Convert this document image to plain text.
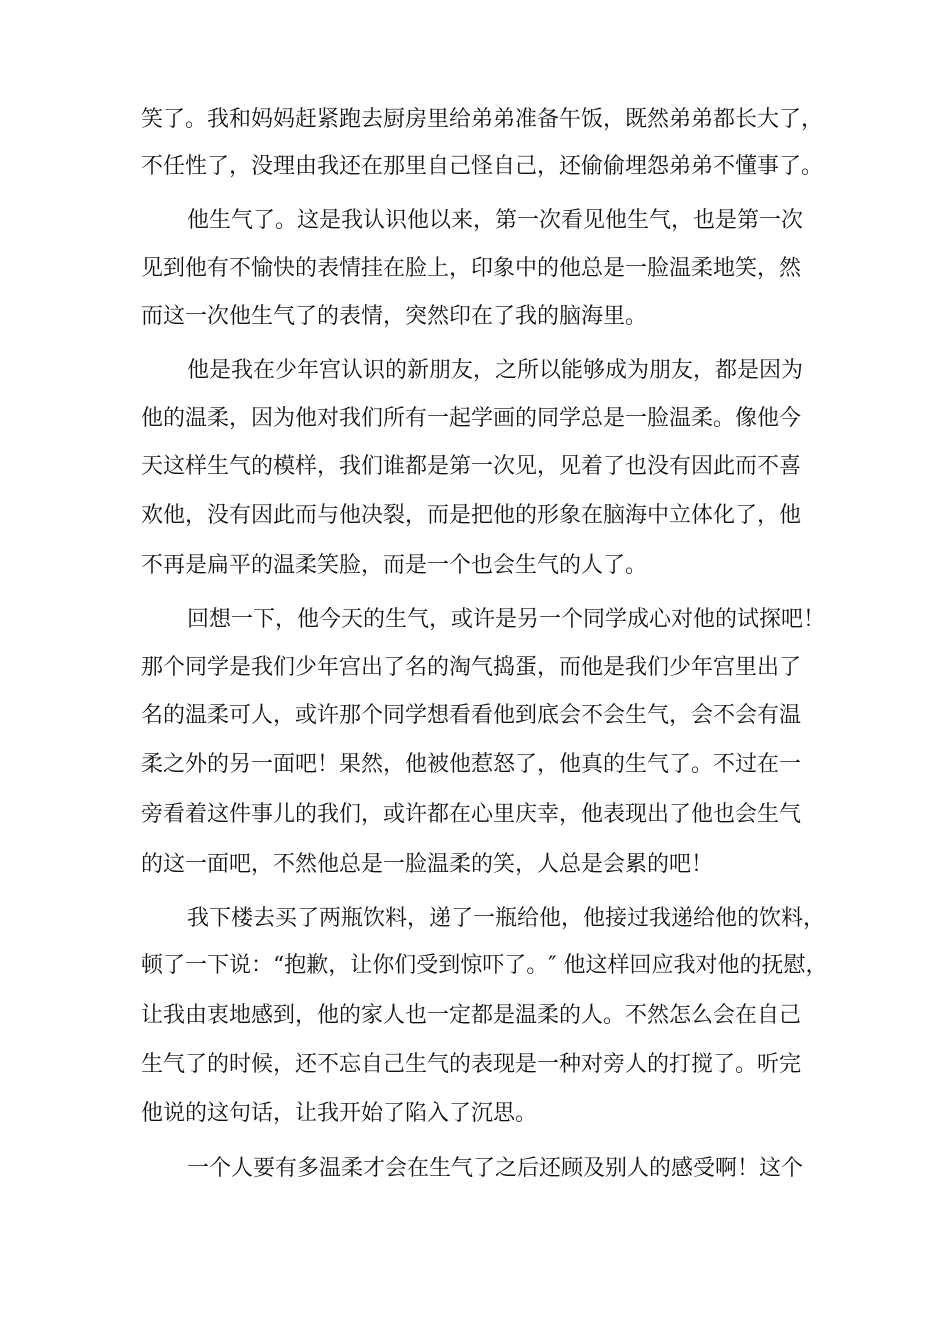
笑了。我和妈妈赶紧跑去厨房里给弟弟准备午饭，既然弟弟都长大了，
不任性了，没理由我还在那里自己怪自己，还偷偷埋怨弟弟不懂事了。
他生气了。这是我认识他以来，第一次看见他生气，也是第一次
见到他有不愉快的表情挂在脸上，印象中的他总是一脸温柔地笑，然
而这一次他生气了的表情，突然印在了我的脑海里。
他是我在少年宫认识的新朋友，之所以能够成为朋友，都是因为
他的温柔，因为他对我们所有一起学画的同学总是一脸温柔。像他今
天这样生气的模样，我们谁都是第一次见，见着了也没有因此而不喜
欢他，没有因此而与他决裂，而是把他的形象在脑海中立体化了，他
不再是扁平的温柔笑脸，而是一个也会生气的人了。
回想一下，他今天的生气，或许是另一个同学成心对他的试探吧！
那个同学是我们少年宫出了名的淘气捣蛋，而他是我们少年宫里出了
名的温柔可人，或许那个同学想看看他到底会不会生气，会不会有温
柔之外的另一面吧！果然，他被他惹怒了，他真的生气了。不过在一
旁看着这件事儿的我们，或许都在心里庆幸，他表现出了他也会生气
的这一面吧，不然他总是一脸温柔的笑，人总是会累的吧！
我下楼去买了两瓶饮料，递了一瓶给他，他接过我递给他的饮料，
顿了一下说：“抱歉，让你们受到惊吓了。″ 他这样回应我对他的抚慰，
让我由衷地感到，他的家人也一定都是温柔的人。不然怎么会在自己
生气了的时候，还不忘自己生气的表现是一种对旁人的打搅了。听完
他说的这句话，让我开始了陷入了沉思。
一个人要有多温柔才会在生气了之后还顾及别人的感受啊！这个
